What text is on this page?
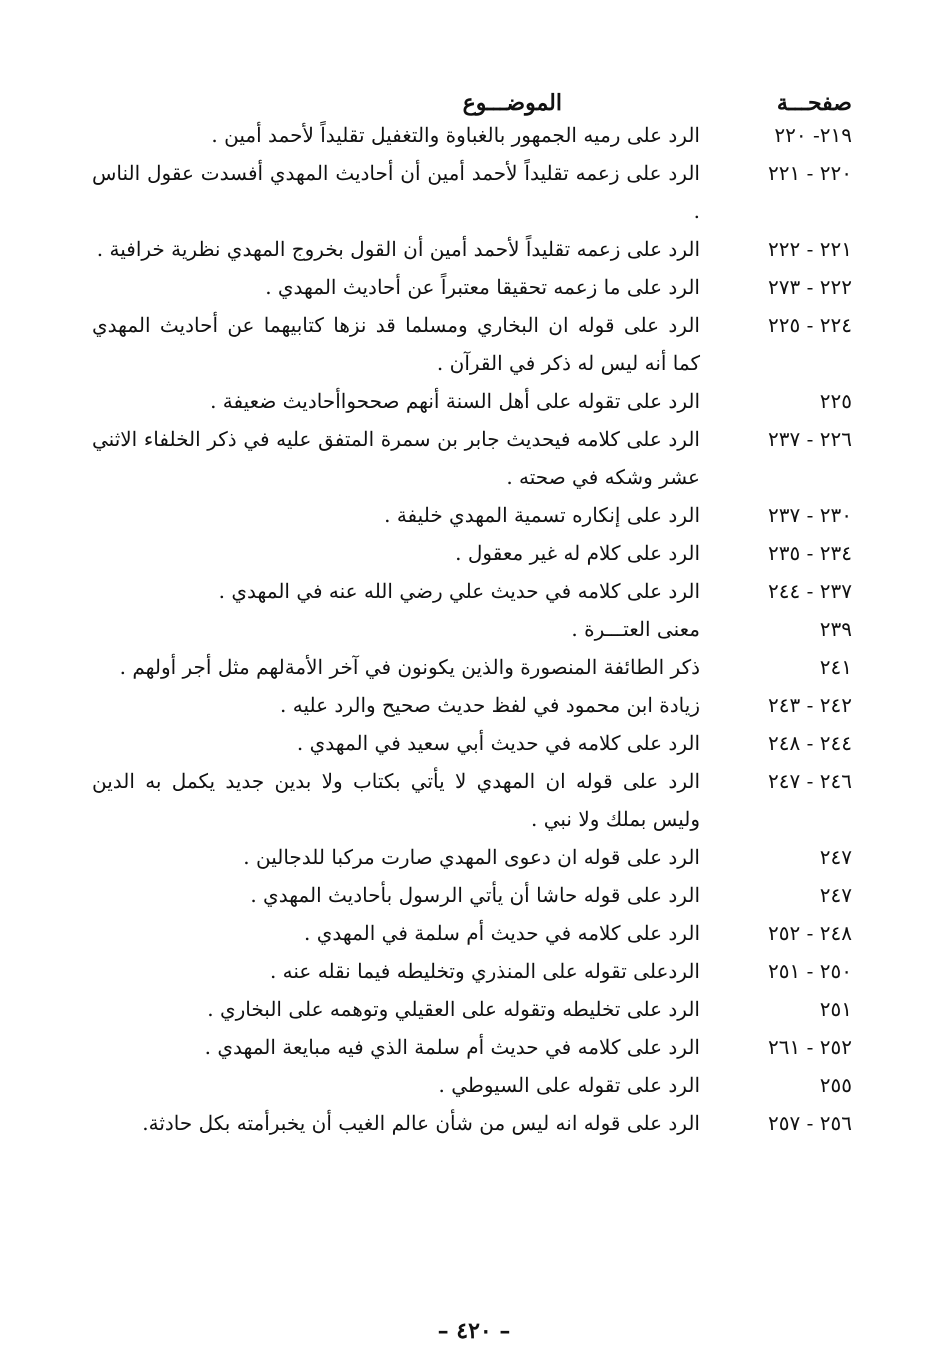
صفحـــة
الموضـــوع
٢١٩- ٢٢٠
الرد على رميه الجمهور بالغباوة والتغفيل تقليداً لأحمد أمين .
٢٢٠ - ٢٢١
الرد على زعمه تقليداً لأحمد أمين أن أحاديث المهدي أفسدت عقول الناس .
٢٢١ - ٢٢٢
الرد على زعمه تقليداً لأحمد أمين أن القول بخروج المهدي نظرية خرافية .
٢٢٢ - ٢٧٣
الرد على ما زعمه تحقيقا معتبراً عن أحاديث المهدي .
٢٢٤ - ٢٢٥
الرد على قوله ان البخاري ومسلما قد نزها كتابيهما عن أحاديث المهدي كما أنه ليس له ذكر في القرآن .
٢٢٥
الرد على تقوله على أهل السنة أنهم صححواأحاديث ضعيفة .
٢٢٦ - ٢٣٧
الرد على كلامه فيحديث جابر بن سمرة المتفق عليه في ذكر الخلفاء الاثني عشر وشكه في صحته .
٢٣٠ - ٢٣٧
الرد على إنكاره تسمية المهدي خليفة .
٢٣٤ - ٢٣٥
الرد على كلام له غير معقول .
٢٣٧ - ٢٤٤
الرد على كلامه في حديث علي رضي الله عنه في المهدي .
٢٣٩
معنى العتـــرة .
٢٤١
ذكر الطائفة المنصورة والذين يكونون في آخر الأمةلهم مثل أجر أولهم .
٢٤٢ - ٢٤٣
زيادة ابن محمود في لفظ حديث صحيح والرد عليه .
٢٤٤ - ٢٤٨
الرد على كلامه في حديث أبي سعيد في المهدي .
٢٤٦ - ٢٤٧
الرد على قوله ان المهدي لا يأتي بكتاب ولا بدين جديد يكمل به الدين وليس بملك ولا نبي .
٢٤٧
الرد على قوله ان دعوى المهدي صارت مركبا للدجالين .
٢٤٧
الرد على قوله حاشا أن يأتي الرسول بأحاديث المهدي .
٢٤٨ - ٢٥٢
الرد على كلامه في حديث أم سلمة في المهدي .
٢٥٠ - ٢٥١
الردعلى تقوله على المنذري وتخليطه فيما نقله عنه .
٢٥١
الرد على تخليطه وتقوله على العقيلي وتوهمه على البخاري .
٢٥٢ - ٢٦١
الرد على كلامه في حديث أم سلمة الذي فيه مبايعة المهدي .
٢٥٥
الرد على تقوله على السيوطي .
٢٥٦ - ٢٥٧
الرد على قوله انه ليس من شأن عالم الغيب أن يخبرأمته بكل حادثة.
– ٤٢٠ –
